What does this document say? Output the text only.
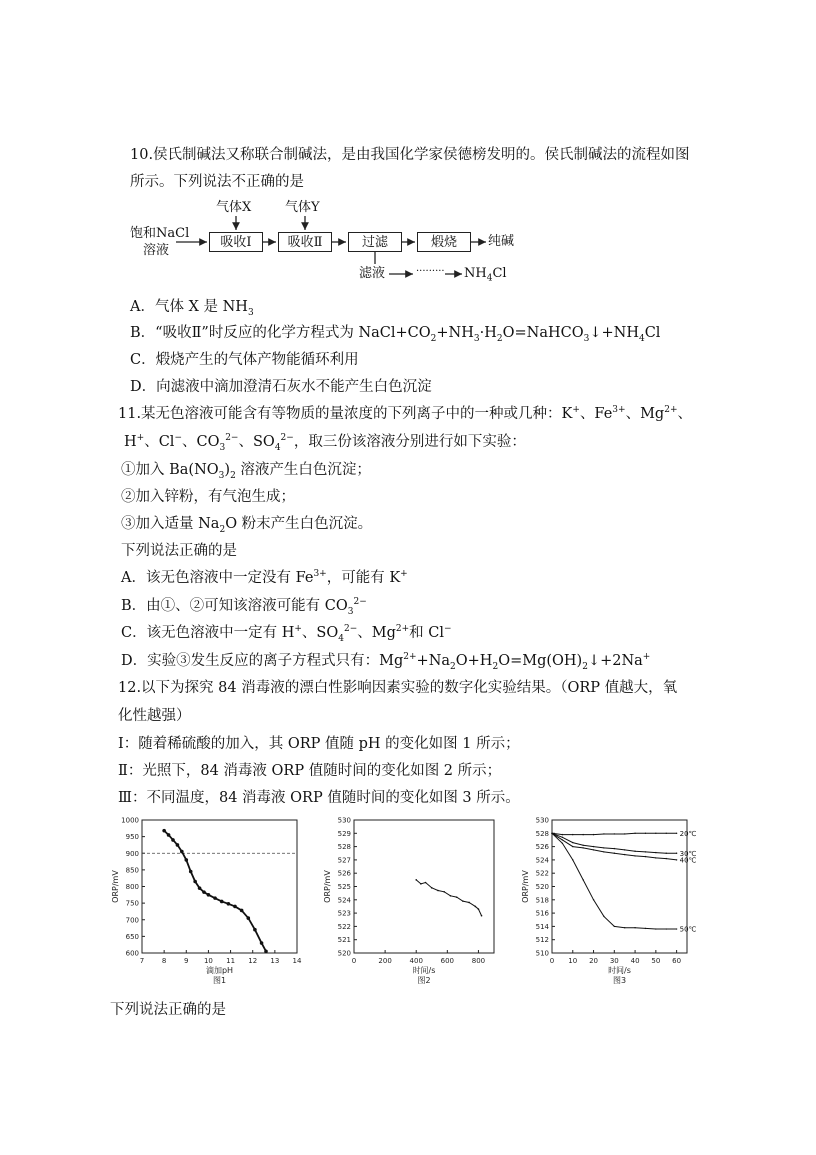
10.侯氏制碱法又称联合制碱法，是由我国化学家侯德榜发明的。侯氏制碱法的流程如图
所示。下列说法不正确的是
饱和NaCl
溶液
气体X	气体Y
吸收Ⅰ	吸收Ⅱ	过滤	煅烧	纯碱
滤液	········· $NH_4Cl$
A．气体 X 是 $NH_3$
B．“吸收Ⅱ”时反应的化学方程式为 $NaCl+CO_2+NH_3\cdot H_2O=NaHCO_3↓+NH_4Cl$
C．煅烧产生的气体产物能循环利用
D．向滤液中滴加澄清石灰水不能产生白色沉淀
11.某无色溶液可能含有等物质的量浓度的下列离子中的一种或几种：K+、$Fe^{3+}$、$Mg^{2+}$、
H+、Cl−、$CO_3^{2-}$、$SO_4^{2-}$，取三份该溶液分别进行如下实验：
①加入 $Ba(NO_3)_2$ 溶液产生白色沉淀；
②加入锌粉，有气泡生成；
③加入适量 $Na_2O$ 粉末产生白色沉淀。
下列说法正确的是
A．该无色溶液中一定没有 $Fe^{3+}$，可能有 K+
B．由①、②可知该溶液可能有 $CO_3^{2-}$
C．该无色溶液中一定有 H+、$SO_4^{2-}$、$Mg^{2+}$和 Cl−
D．实验③发生反应的离子方程式只有：$Mg^{2+}+Na_2O+H_2O=Mg(OH)_2↓+2Na^+$
12.以下为探究 84 消毒液的漂白性影响因素实验的数字化实验结果。（ORP 值越大，氧
化性越强）
Ⅰ：随着稀硫酸的加入，其 ORP 值随 pH 的变化如图 1 所示；
Ⅱ：光照下，84 消毒液 ORP 值随时间的变化如图 2 所示；
Ⅲ：不同温度，84 消毒液 ORP 值随时间的变化如图 3 所示。
7	8	9 10 11 12 13 14
600
650
700
750
800
850
900
950
1000
滴加pH
ORP/mV
图1
0	200	400	600	800
520
521
522
523
524
525
526
527
528
529
530
时间/s
ORP/mV
图2
0 10 20 30 40 50 60
510
512
514
516
518
520
522
524
526
528
530
时间/s
ORP/mV
图3
20℃
30℃
40℃
50℃
下列说法正确的是
